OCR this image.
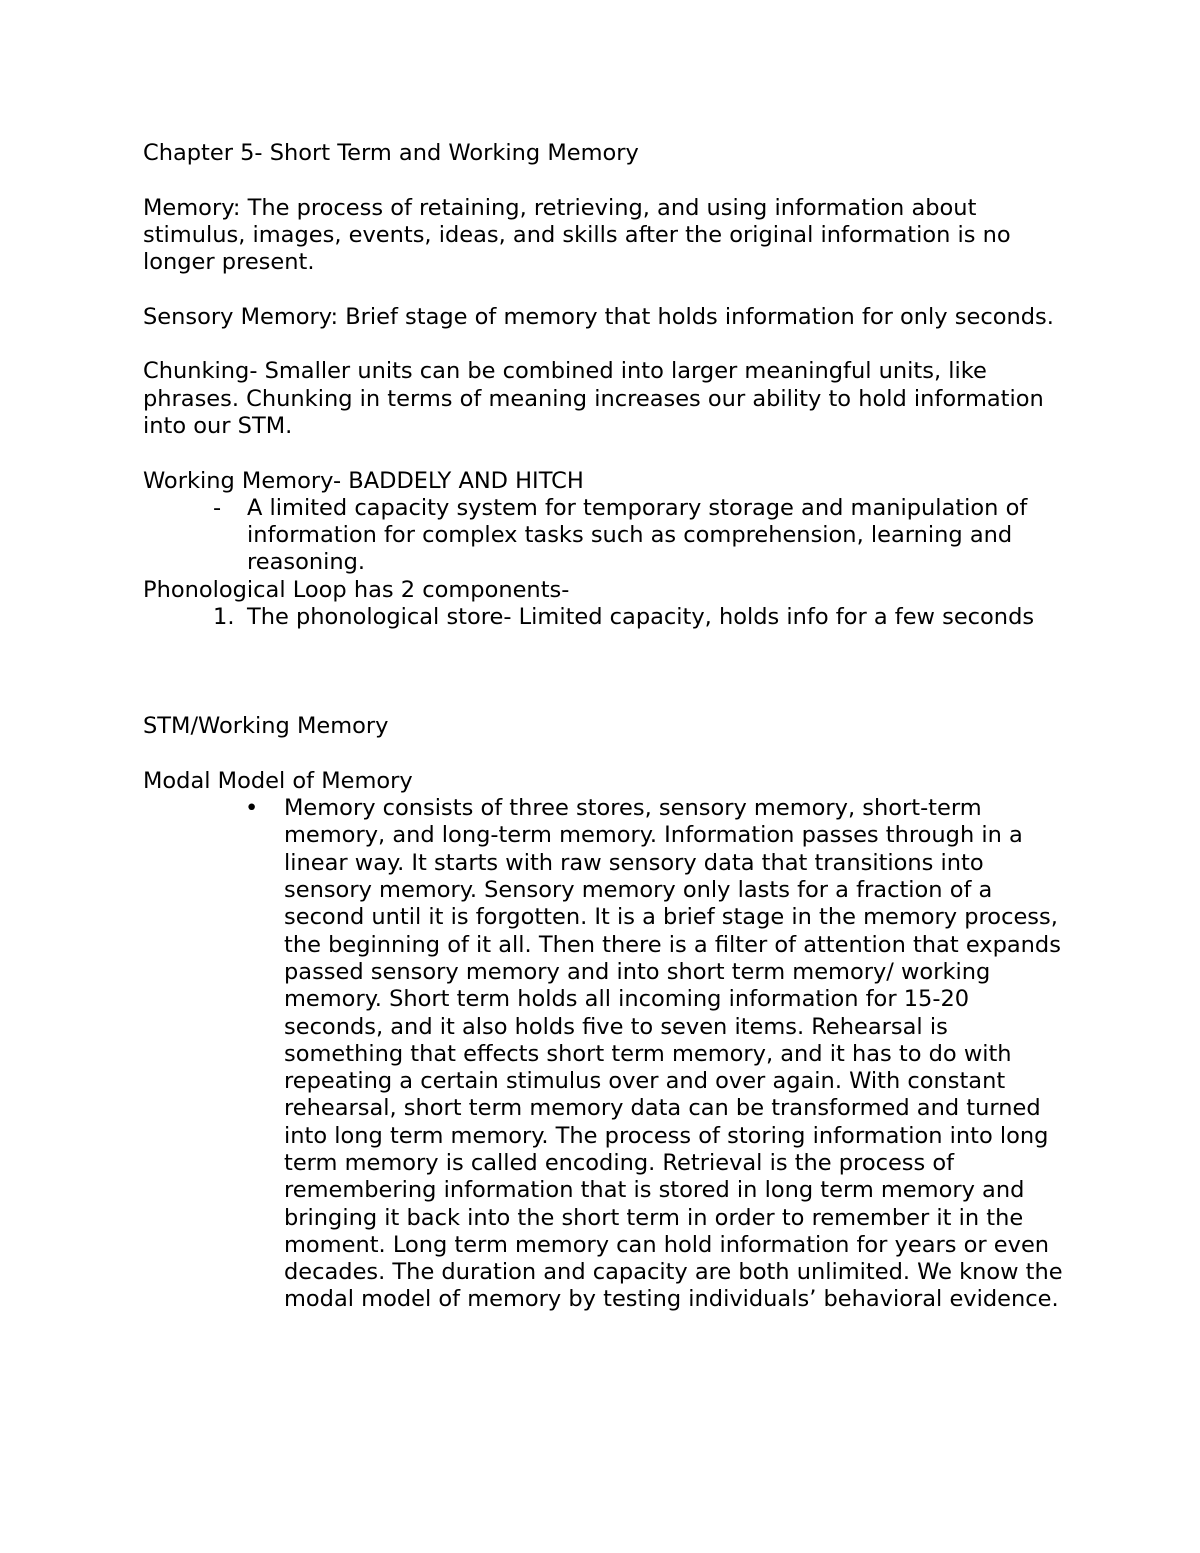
Chapter 5- Short Term and Working Memory

Memory: The process of retaining, retrieving, and using information about stimulus, images, events, ideas, and skills after the original information is no longer present.

Sensory Memory: Brief stage of memory that holds information for only seconds.

Chunking- Smaller units can be combined into larger meaningful units, like phrases. Chunking in terms of meaning increases our ability to hold information into our STM.

Working Memory- BADDELY AND HITCH

- A limited capacity system for temporary storage and manipulation of information for complex tasks such as comprehension, learning and reasoning.

Phonological Loop has 2 components-

1. The phonological store- Limited capacity, holds info for a few seconds

STM/Working Memory

Modal Model of Memory

• Memory consists of three stores, sensory memory, short-term memory, and long-term memory. Information passes through in a linear way. It starts with raw sensory data that transitions into sensory memory. Sensory memory only lasts for a fraction of a second until it is forgotten. It is a brief stage in the memory process, the beginning of it all. Then there is a filter of attention that expands passed sensory memory and into short term memory/ working memory. Short term holds all incoming information for 15-20 seconds, and it also holds five to seven items. Rehearsal is something that effects short term memory, and it has to do with repeating a certain stimulus over and over again. With constant rehearsal, short term memory data can be transformed and turned into long term memory. The process of storing information into long term memory is called encoding. Retrieval is the process of remembering information that is stored in long term memory and bringing it back into the short term in order to remember it in the moment. Long term memory can hold information for years or even decades. The duration and capacity are both unlimited. We know the modal model of memory by testing individuals’ behavioral evidence.
